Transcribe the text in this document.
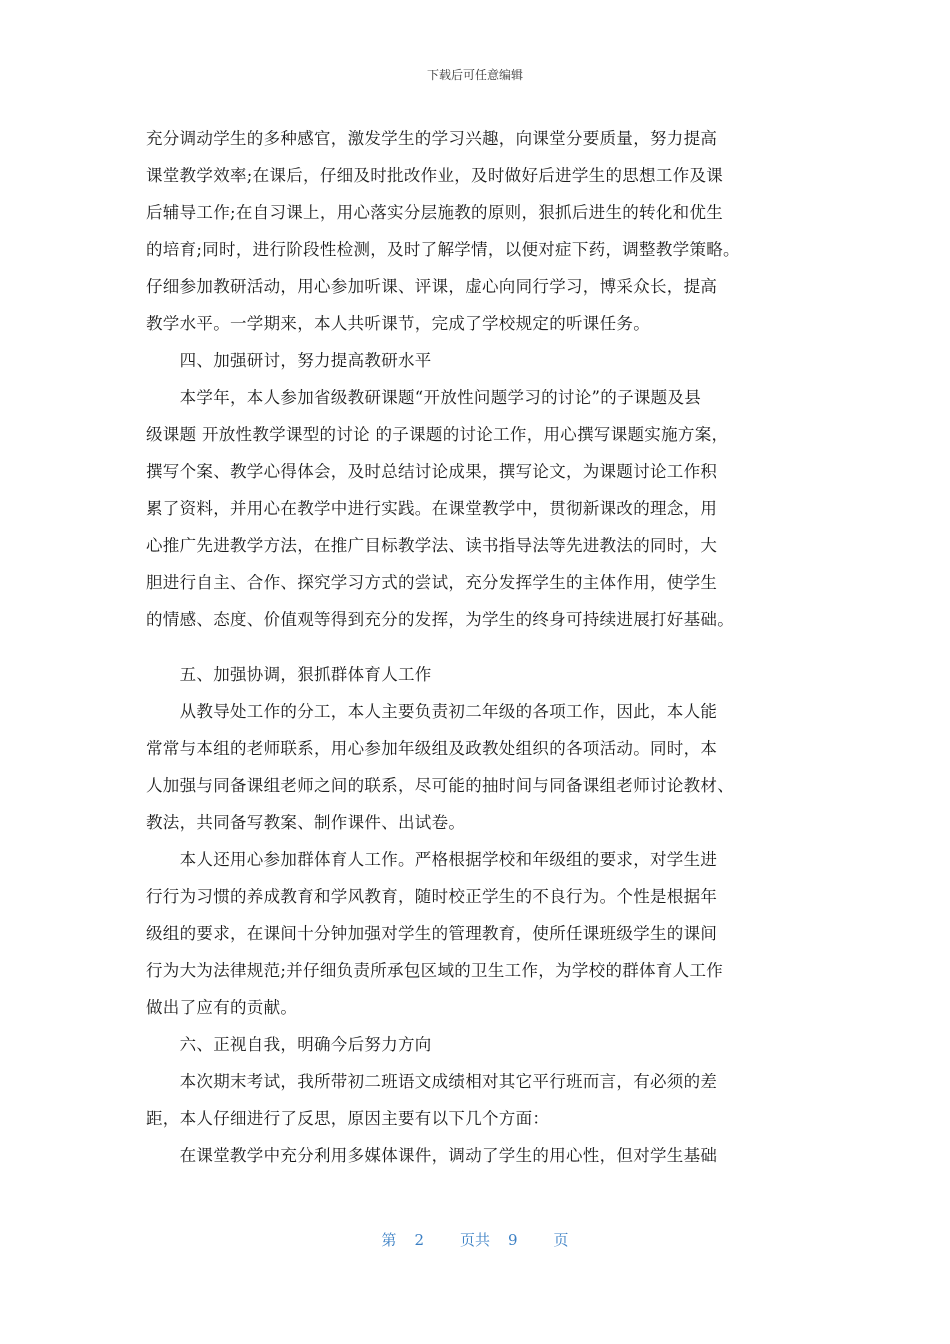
下载后可任意编辑
充分调动学生的多种感官，激发学生的学习兴趣，向课堂分要质量，努力提高
课堂教学效率;在课后，仔细及时批改作业，及时做好后进学生的思想工作及课
后辅导工作;在自习课上，用心落实分层施教的原则，狠抓后进生的转化和优生
的培育;同时，进行阶段性检测，及时了解学情，以便对症下药，调整教学策略。
仔细参加教研活动，用心参加听课、评课，虚心向同行学习，博采众长，提高
教学水平。一学期来，本人共听课节，完成了学校规定的听课任务。
　　四、加强研讨，努力提高教研水平
　　本学年，本人参加省级教研课题“开放性问题学习的讨论”的子课题及县
级课题 开放性教学课型的讨论 的子课题的讨论工作，用心撰写课题实施方案，
撰写个案、教学心得体会，及时总结讨论成果，撰写论文，为课题讨论工作积
累了资料，并用心在教学中进行实践。在课堂教学中，贯彻新课改的理念，用
心推广先进教学方法，在推广目标教学法、读书指导法等先进教法的同时，大
胆进行自主、合作、探究学习方式的尝试，充分发挥学生的主体作用，使学生
的情感、态度、价值观等得到充分的发挥，为学生的终身可持续进展打好基础。
　　五、加强协调，狠抓群体育人工作
　　从教导处工作的分工，本人主要负责初二年级的各项工作，因此，本人能
常常与本组的老师联系，用心参加年级组及政教处组织的各项活动。同时，本
人加强与同备课组老师之间的联系，尽可能的抽时间与同备课组老师讨论教材、
教法，共同备写教案、制作课件、出试卷。
　　本人还用心参加群体育人工作。严格根据学校和年级组的要求，对学生进
行行为习惯的养成教育和学风教育，随时校正学生的不良行为。个性是根据年
级组的要求，在课间十分钟加强对学生的管理教育，使所任课班级学生的课间
行为大为法律规范;并仔细负责所承包区域的卫生工作，为学校的群体育人工作
做出了应有的贡献。
　　六、正视自我，明确今后努力方向
　　本次期末考试，我所带初二班语文成绩相对其它平行班而言，有必须的差
距，本人仔细进行了反思，原因主要有以下几个方面：
　　在课堂教学中充分利用多媒体课件，调动了学生的用心性，但对学生基础
第 2 页共 9 页
